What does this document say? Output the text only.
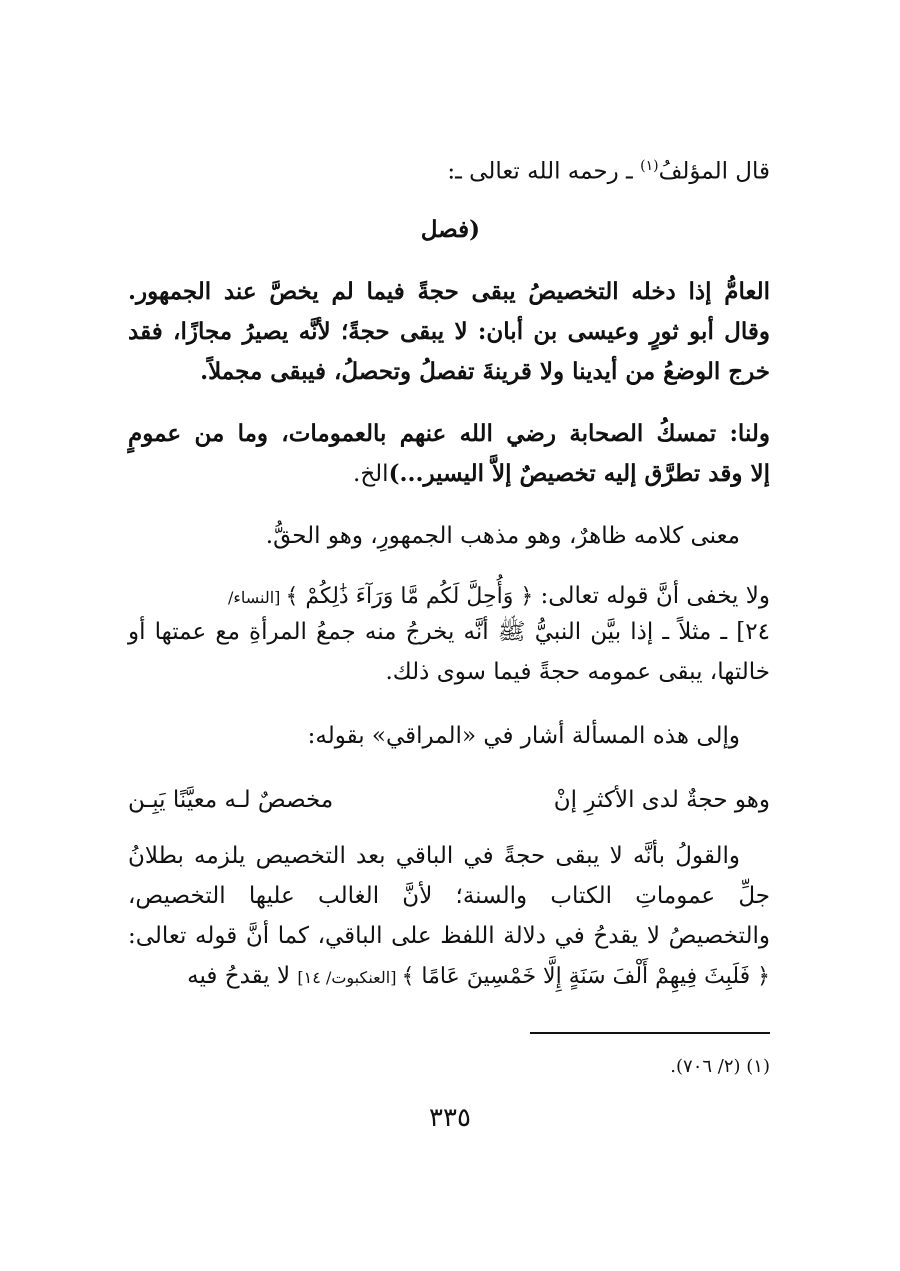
قال المؤلفُ$^{(١)}$ ـ رحمه الله تعالى ـ:
(فصل
العامُّ إذا دخله التخصيصُ يبقى حجةً فيما لم يخصَّ عند الجمهور.
وقال أبو ثورٍ وعيسى بن أبان: لا يبقى حجةً؛ لأنَّه يصيرُ مجازًا، فقد
خرج الوضعُ من أيدينا ولا قرينةَ تفصلُ وتحصلُ، فيبقى مجملاً.
ولنا: تمسكُ الصحابة رضي الله عنهم بالعمومات، وما من عمومٍ
إلا وقد تطرَّق إليه تخصيصٌ إلاَّ اليسير...)الخ.
معنى كلامه ظاهرٌ، وهو مذهب الجمهورِ، وهو الحقُّ.
ولا يخفى أنَّ قوله تعالى: ﴿ وَأُحِلَّ لَكُم مَّا وَرَآءَ ذَٰلِكُمْ ﴾ [النساء/
٢٤] ـ مثلاً ـ إذا بيَّن النبيُّ ﷺ أنَّه يخرجُ منه جمعُ المرأةِ مع عمتها أو
خالتها، يبقى عمومه حجةً فيما سوى ذلك.
وإلى هذه المسألة أشار في «المراقي» بقوله:
وهو حجةٌ لدى الأكثرِ إنْ
مخصصٌ لـه معيَّنًا يَبِـن
والقولُ بأنَّه لا يبقى حجةً في الباقي بعد التخصيص يلزمه بطلانُ
جلِّ عموماتِ الكتاب والسنة؛ لأنَّ الغالب عليها التخصيص،
والتخصيصُ لا يقدحُ في دلالة اللفظ على الباقي، كما أنَّ قوله تعالى:
﴿ فَلَبِثَ فِيهِمْ أَلْفَ سَنَةٍ إِلَّا خَمْسِينَ عَامًا ﴾ [العنكبوت/ ١٤] لا يقدحُ فيه
(١) (٢/ ٧٠٦).
٣٣٥
